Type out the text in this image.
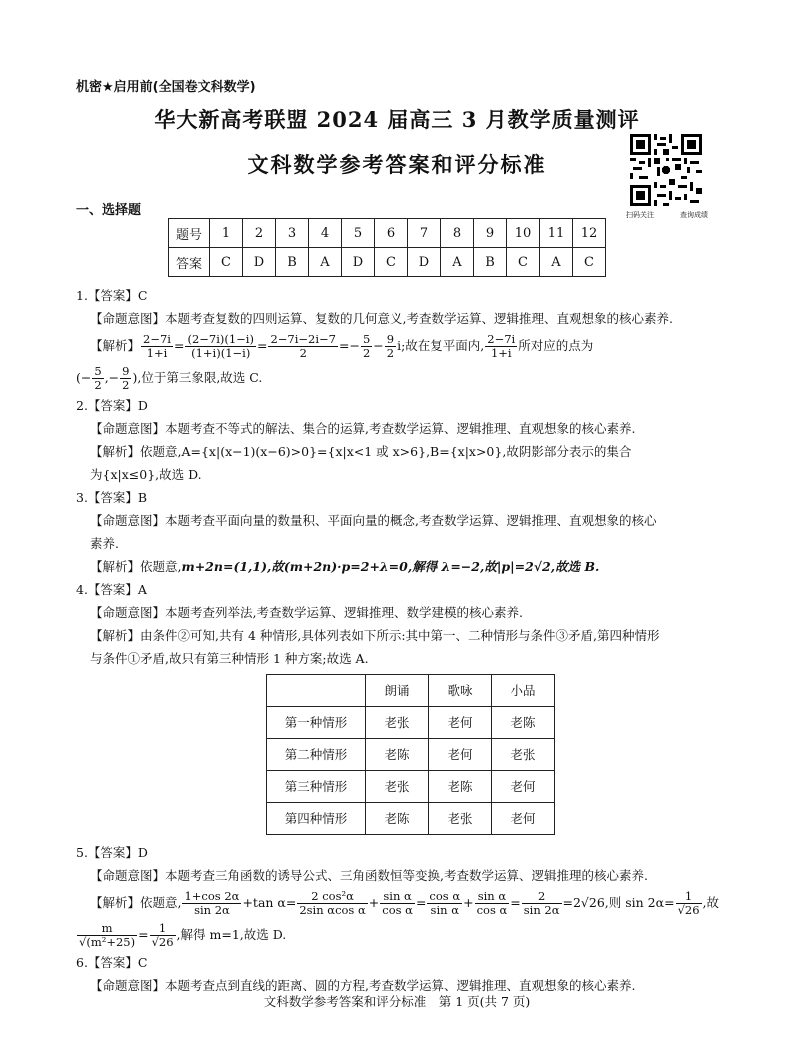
机密★启用前(全国卷文科数学)
华大新高考联盟 2024 届高三 3 月教学质量测评
文科数学参考答案和评分标准
扫码关注	查询成绩
一、选择题
题号	1	2	3	4	5	6	7	8	9	10	11	12
答案	C	D	B	A	D	C	D	A	B	C	A	C

1.【答案】C

【命题意图】本题考查复数的四则运算、复数的几何意义,考查数学运算、逻辑推理、直观想象的核心素养.

【解析】 $\frac{2-7i}{1+i} = \frac{(2-7i)(1-i)}{(1+i)(1-i)} = \frac{2-7i-2i-7}{2} =- \frac{5}{2} - \frac{9}{2} i$;故在复平面内, $\frac{2-7i}{1+i}$ 所对应的点为

(− $\frac{5}{2}$ ,− $\frac{9}{2}$ ),位于第三象限,故选 C.

2.【答案】D

【命题意图】本题考查不等式的解法、集合的运算,考查数学运算、逻辑推理、直观想象的核心素养.

【解析】依题意,A={x|(x−1)(x−6)>0}={x|x<1 或 x>6},B={x|x>0},故阴影部分表示的集合

为{x|x≤0},故选 D.

3.【答案】B

【命题意图】本题考查平面向量的数量积、平面向量的概念,考查数学运算、逻辑推理、直观想象的核心

素养.

【解析】依题意,m+2n=(1,1),故(m+2n)·p=2+λ=0,解得 λ=−2,故|p|=2√2,故选 B.

4.【答案】A

【命题意图】本题考查列举法,考查数学运算、逻辑推理、数学建模的核心素养.

【解析】由条件②可知,共有 4 种情形,具体列表如下所示:其中第一、二种情形与条件③矛盾,第四种情形

与条件①矛盾,故只有第三种情形 1 种方案;故选 A.

	朗诵	歌咏	小品
第一种情形	老张	老何	老陈
第二种情形	老陈	老何	老张
第三种情形	老张	老陈	老何
第四种情形	老陈	老张	老何

5.【答案】D

【命题意图】本题考查三角函数的诱导公式、三角函数恒等变换,考查数学运算、逻辑推理的核心素养.

【解析】依题意, $\frac{1+\cos 2\alpha}{\sin 2\alpha} +\tan$ $\alpha= \frac{\text{2 cos²α}}{\text{2sin αcos α}} + \frac{\text{sin α}}{\text{cos α}} = \frac{\text{cos α}}{\text{sin α}} + \frac{\text{sin α}}{\text{cos α}} = \frac{2}{\sin 2\alpha} =2√26$,则 $\sin 2\alpha= \frac{1}{√26}$ ,故

$\frac{m}{\text{√(m²+25)}} = \frac{1}{√26}$ ,解得 m=1,故选 D.

6.【答案】C

【命题意图】本题考查点到直线的距离、圆的方程,考查数学运算、逻辑推理、直观想象的核心素养.

文科数学参考答案和评分标准　第 1 页(共 7 页)
